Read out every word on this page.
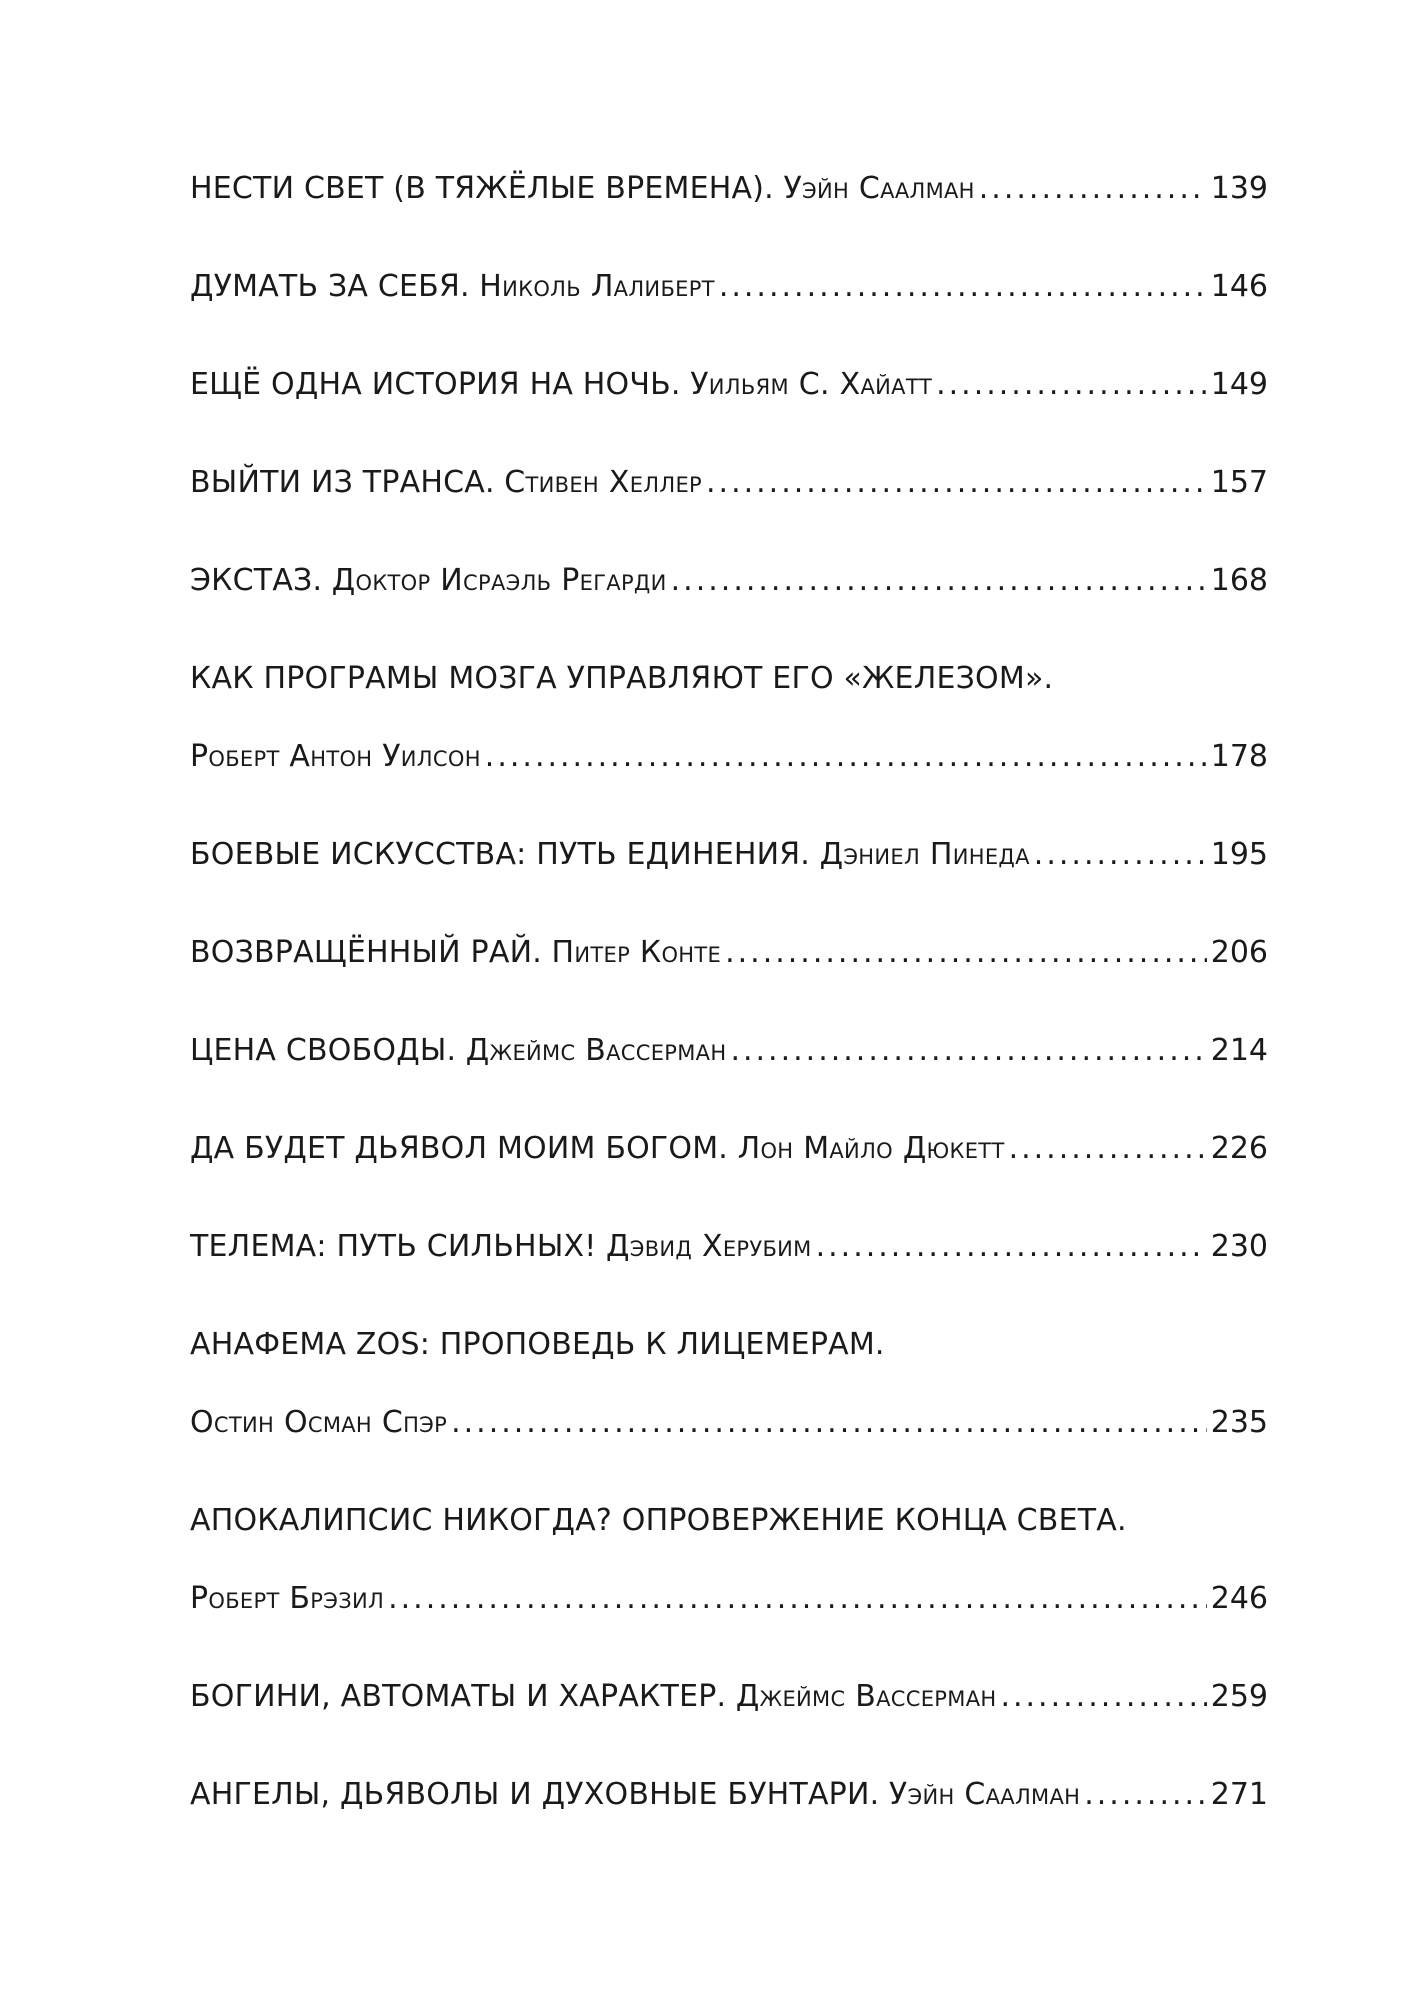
НЕСТИ СВЕТ (В ТЯЖЁЛЫЕ ВРЕМЕНА).
Уэйн Саалман .....	139
ДУМАТЬ ЗА СЕБЯ.
Николь Лалиберт .....	146
ЕЩЁ ОДНА ИСТОРИЯ НА НОЧЬ.
Уильям С. Хайатт .....	149
ВЫЙТИ ИЗ ТРАНСА.
Стивен Хеллер .....	157
ЭКСТАЗ.
Доктор Исраэль Регарди .....	168
КАК ПРОГРАМЫ МОЗГА УПРАВЛЯЮТ ЕГО «ЖЕЛЕЗОМ».
Роберт Антон Уилсон .....	178
БОЕВЫЕ ИСКУССТВА: ПУТЬ ЕДИНЕНИЯ.
Дэниел Пинеда .....	195
ВОЗВРАЩЁННЫЙ РАЙ.
Питер Конте .....	206
ЦЕНА СВОБОДЫ.
Джеймс Вассерман .....	214
ДА БУДЕТ ДЬЯВОЛ МОИМ БОГОМ.
Лон Майло Дюкетт .....	226
ТЕЛЕМА: ПУТЬ СИЛЬНЫХ!
Дэвид Херубим .....	230
АНАФЕМА ZOS: ПРОПОВЕДЬ К ЛИЦЕМЕРАМ.
Остин Осман Спэр .....	235
АПОКАЛИПСИС НИКОГДА? ОПРОВЕРЖЕНИЕ КОНЦА СВЕТА.
Роберт Брэзил .....	246
БОГИНИ, АВТОМАТЫ И ХАРАКТЕР.
Джеймс Вассерман .....	259
АНГЕЛЫ, ДЬЯВОЛЫ И ДУХОВНЫЕ БУНТАРИ.
Уэйн Саалман .....	271
